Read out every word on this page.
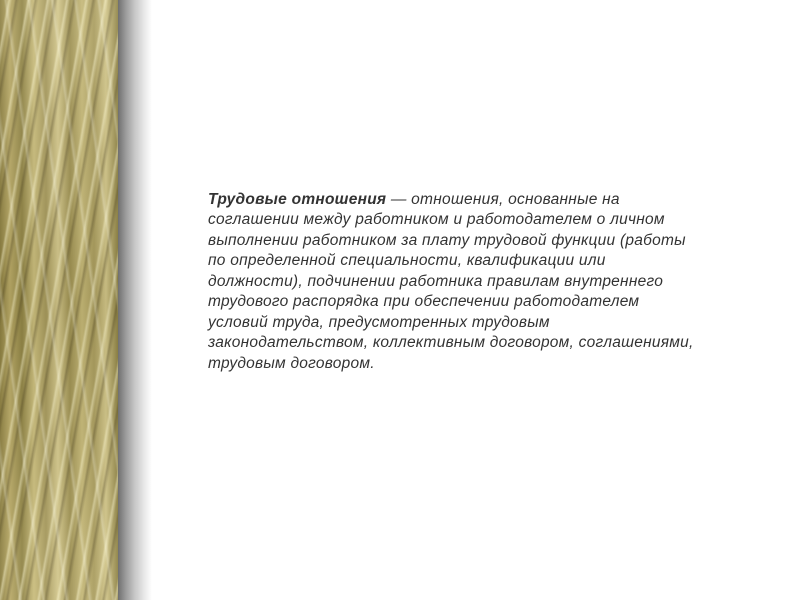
Трудовые отношения — отношения, основанные на соглашении между работником и работодателем о личном выполнении работником за плату трудовой функции (работы по определенной специальности, квалификации или должности), подчинении работника правилам внутреннего трудового распорядка при обеспечении работодателем условий труда, предусмотренных трудовым законодательством, коллективным договором, соглашениями, трудовым договором.
